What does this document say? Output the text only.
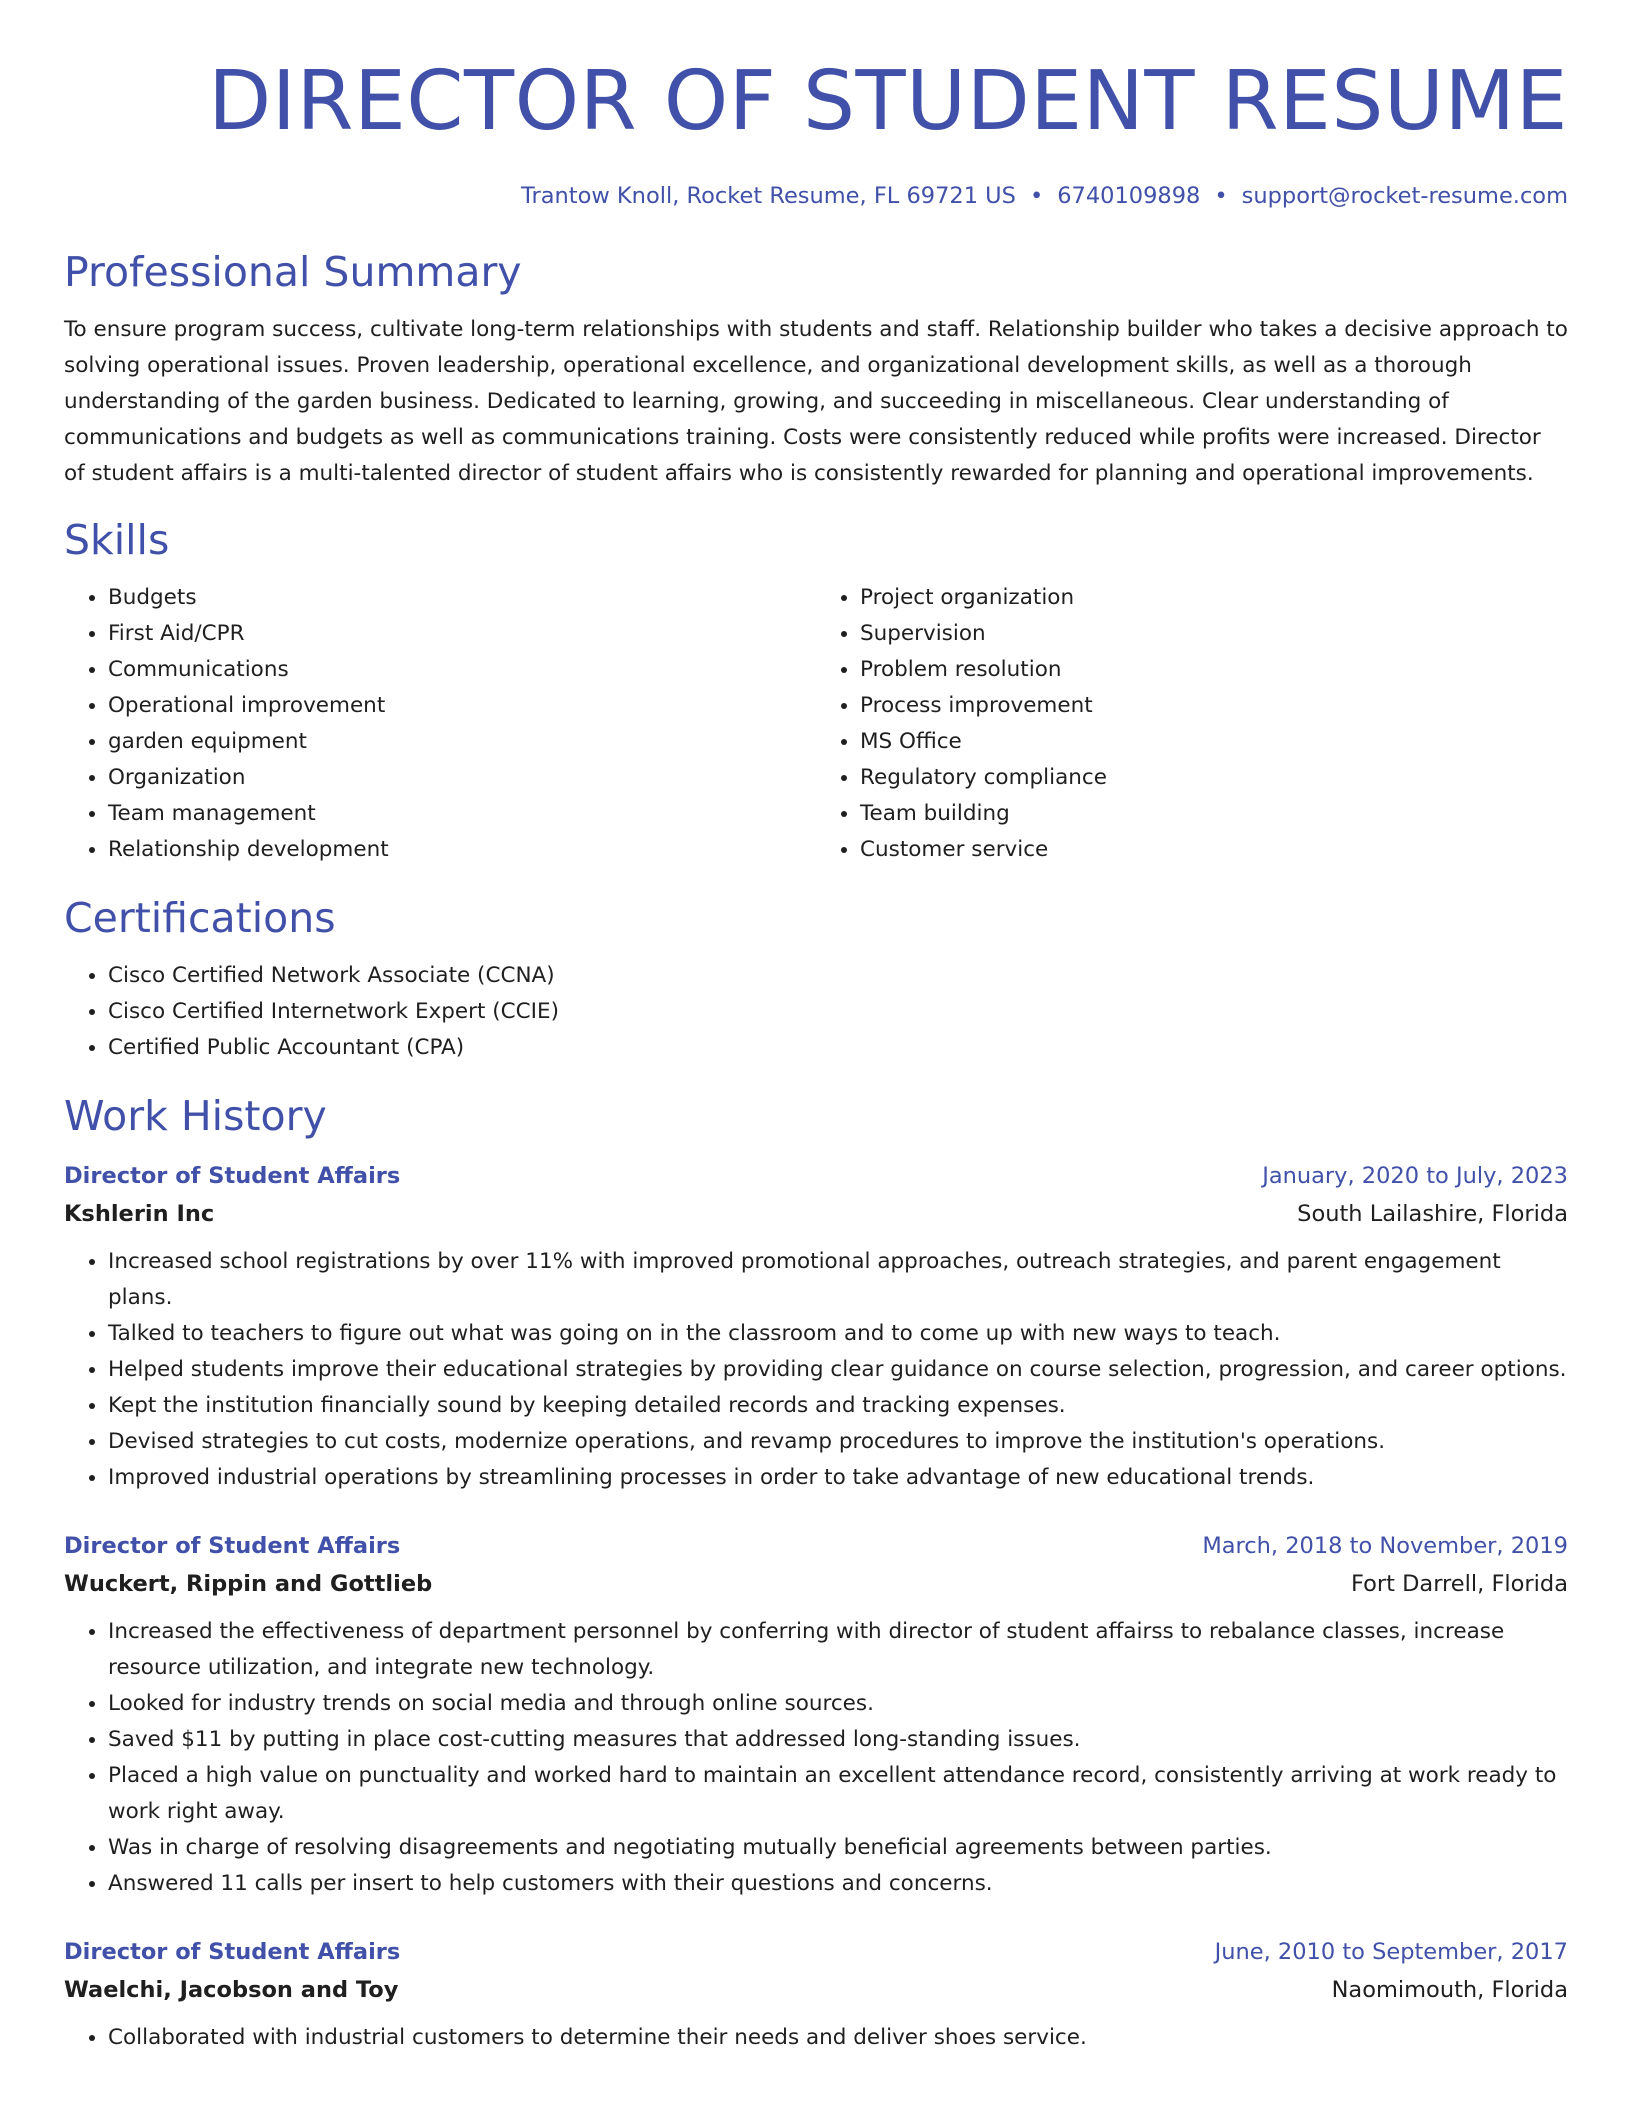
DIRECTOR OF STUDENT RESUME
Trantow Knoll, Rocket Resume, FL 69721 US • 6740109898 • support@rocket-resume.com
Professional Summary

To ensure program success, cultivate long-term relationships with students and staff. Relationship builder who takes a decisive approach to solving operational issues. Proven leadership, operational excellence, and organizational development skills, as well as a thorough understanding of the garden business. Dedicated to learning, growing, and succeeding in miscellaneous. Clear understanding of communications and budgets as well as communications training. Costs were consistently reduced while profits were increased. Director of student affairs is a multi-talented director of student affairs who is consistently rewarded for planning and operational improvements.

Skills
• Budgets
• First Aid/CPR
• Communications
• Operational improvement
• garden equipment
• Organization
• Team management
• Relationship development
• Project organization
• Supervision
• Problem resolution
• Process improvement
• MS Office
• Regulatory compliance
• Team building
• Customer service
Certifications
• Cisco Certified Network Associate (CCNA)
• Cisco Certified Internetwork Expert (CCIE)
• Certified Public Accountant (CPA)
Work History
Director of Student Affairs	January, 2020 to July, 2023
Kshlerin Inc	South Lailashire, Florida
• Increased school registrations by over 11% with improved promotional approaches, outreach strategies, and parent engagement plans.
• Talked to teachers to figure out what was going on in the classroom and to come up with new ways to teach.
• Helped students improve their educational strategies by providing clear guidance on course selection, progression, and career options.
• Kept the institution financially sound by keeping detailed records and tracking expenses.
• Devised strategies to cut costs, modernize operations, and revamp procedures to improve the institution's operations.
• Improved industrial operations by streamlining processes in order to take advantage of new educational trends.
Director of Student Affairs	March, 2018 to November, 2019
Wuckert, Rippin and Gottlieb	Fort Darrell, Florida
• Increased the effectiveness of department personnel by conferring with director of student affairss to rebalance classes, increase resource utilization, and integrate new technology.
• Looked for industry trends on social media and through online sources.
• Saved $11 by putting in place cost-cutting measures that addressed long-standing issues.
• Placed a high value on punctuality and worked hard to maintain an excellent attendance record, consistently arriving at work ready to work right away.
• Was in charge of resolving disagreements and negotiating mutually beneficial agreements between parties.
• Answered 11 calls per insert to help customers with their questions and concerns.
Director of Student Affairs	June, 2010 to September, 2017
Waelchi, Jacobson and Toy	Naomimouth, Florida
• Collaborated with industrial customers to determine their needs and deliver shoes service.
